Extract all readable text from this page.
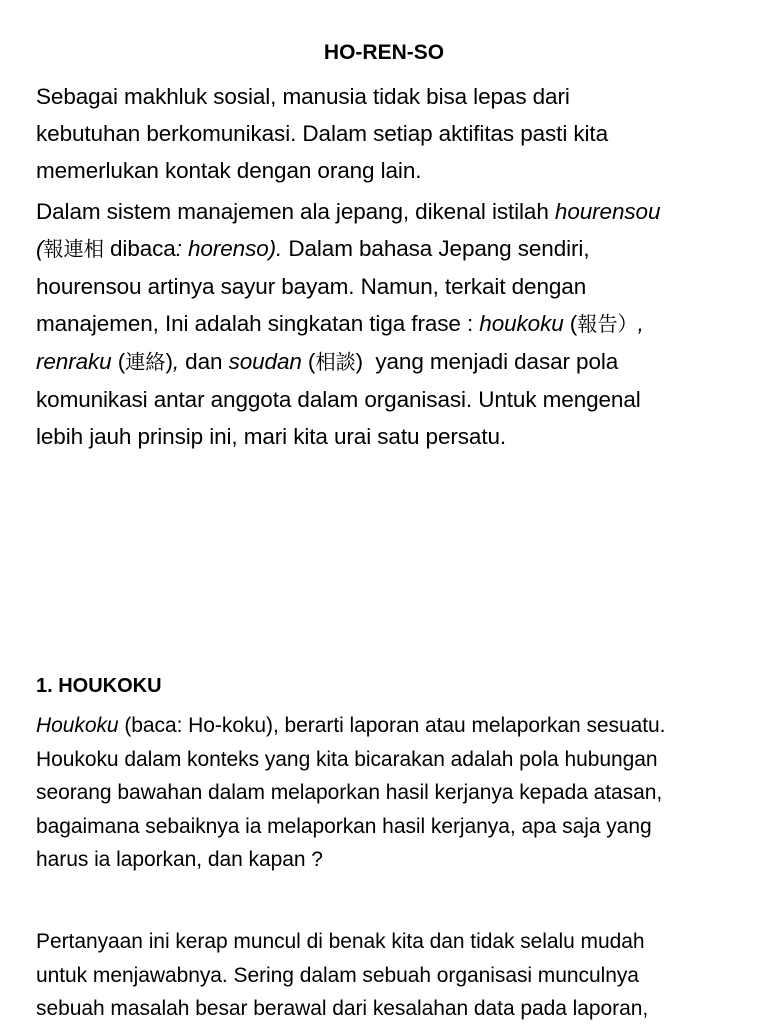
HO-REN-SO

Sebagai makhluk sosial, manusia tidak bisa lepas dari
kebutuhan berkomunikasi. Dalam setiap aktifitas pasti kita
memerlukan kontak dengan orang lain.

Dalam sistem manajemen ala jepang, dikenal istilah hourensou
(報連相 dibaca: horenso). Dalam bahasa Jepang sendiri,
hourensou artinya sayur bayam. Namun, terkait dengan
manajemen, Ini adalah singkatan tiga frase : houkoku (報告）,
renraku (連絡), dan soudan (相談)  yang menjadi dasar pola
komunikasi antar anggota dalam organisasi. Untuk mengenal
lebih jauh prinsip ini, mari kita urai satu persatu.

1. HOUKOKU

Houkoku (baca: Ho-koku), berarti laporan atau melaporkan sesuatu.
Houkoku dalam konteks yang kita bicarakan adalah pola hubungan
seorang bawahan dalam melaporkan hasil kerjanya kepada atasan,
bagaimana sebaiknya ia melaporkan hasil kerjanya, apa saja yang
harus ia laporkan, dan kapan ?

Pertanyaan ini kerap muncul di benak kita dan tidak selalu mudah
untuk menjawabnya. Sering dalam sebuah organisasi munculnya
sebuah masalah besar berawal dari kesalahan data pada laporan,
